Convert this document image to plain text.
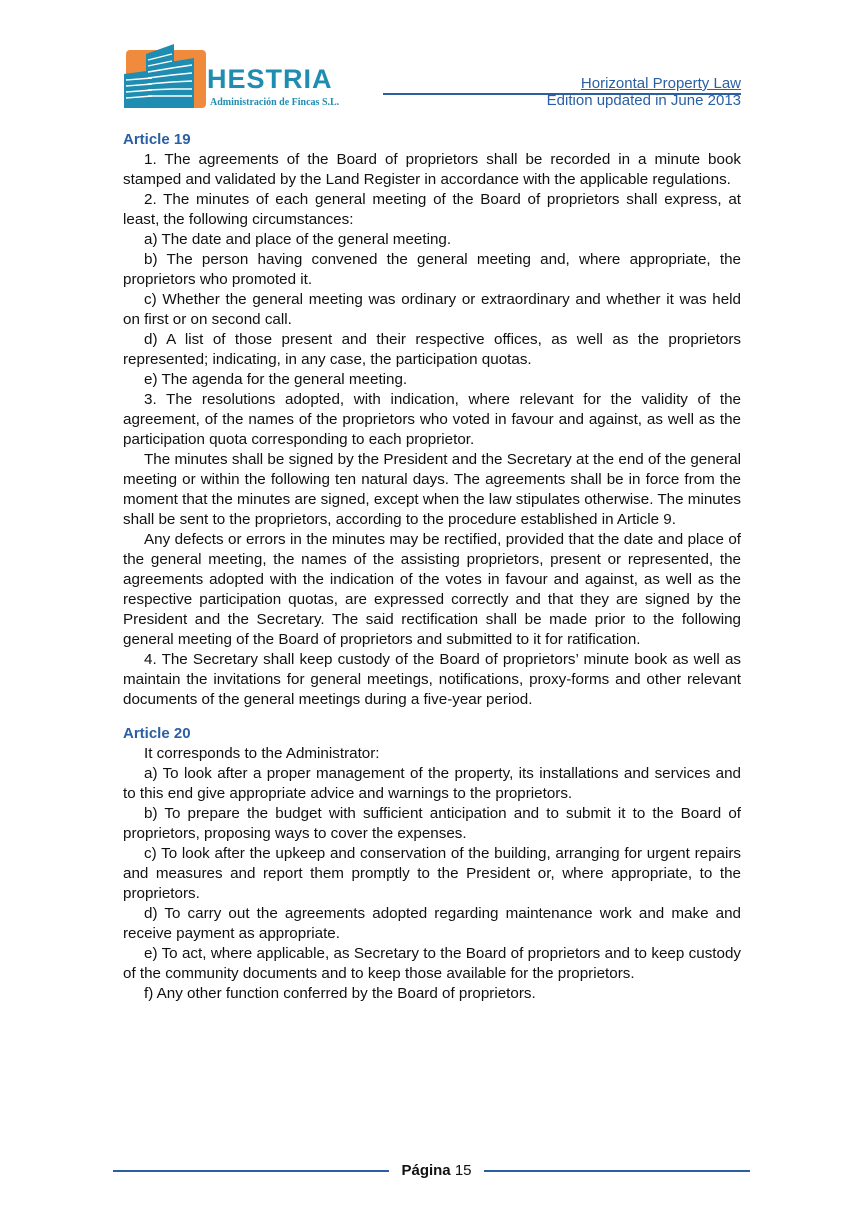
HESTRIA
Administración de Fincas S.L.
Horizontal Property Law
Edition updated in June 2013
Article 19

1. The agreements of the Board of proprietors shall be recorded in a minute book stamped and validated by the Land Register in accordance with the applicable regulations.

2. The minutes of each general meeting of the Board of proprietors shall express, at least, the following circumstances:

a) The date and place of the general meeting.

b) The person having convened the general meeting and, where appropriate, the proprietors who promoted it.

c) Whether the general meeting was ordinary or extraordinary and whether it was held on first or on second call.

d) A list of those present and their respective offices, as well as the proprietors represented; indicating, in any case, the participation quotas.

e) The agenda for the general meeting.

3. The resolutions adopted, with indication, where relevant for the validity of the agreement, of the names of the proprietors who voted in favour and against, as well as the participation quota corresponding to each proprietor.

The minutes shall be signed by the President and the Secretary at the end of the general meeting or within the following ten natural days. The agreements shall be in force from the moment that the minutes are signed, except when the law stipulates otherwise. The minutes shall be sent to the proprietors, according to the procedure established in Article 9.

Any defects or errors in the minutes may be rectified, provided that the date and place of the general meeting, the names of the assisting proprietors, present or represented, the agreements adopted with the indication of the votes in favour and against, as well as the respective participation quotas, are expressed correctly and that they are signed by the President and the Secretary. The said rectification shall be made prior to the following general meeting of the Board of proprietors and submitted to it for ratification.

4. The Secretary shall keep custody of the Board of proprietors’ minute book as well as maintain the invitations for general meetings, notifications, proxy-forms and other relevant documents of the general meetings during a five-year period.

Article 20

It corresponds to the Administrator:

a) To look after a proper management of the property, its installations and services and to this end give appropriate advice and warnings to the proprietors.

b) To prepare the budget with sufficient anticipation and to submit it to the Board of proprietors, proposing ways to cover the expenses.

c) To look after the upkeep and conservation of the building, arranging for urgent repairs and measures and report them promptly to the President or, where appropriate, to the proprietors.

d) To carry out the agreements adopted regarding maintenance work and make and receive payment as appropriate.

e) To act, where applicable, as Secretary to the Board of proprietors and to keep custody of the community documents and to keep those available for the proprietors.

f) Any other function conferred by the Board of proprietors.

Página 15
